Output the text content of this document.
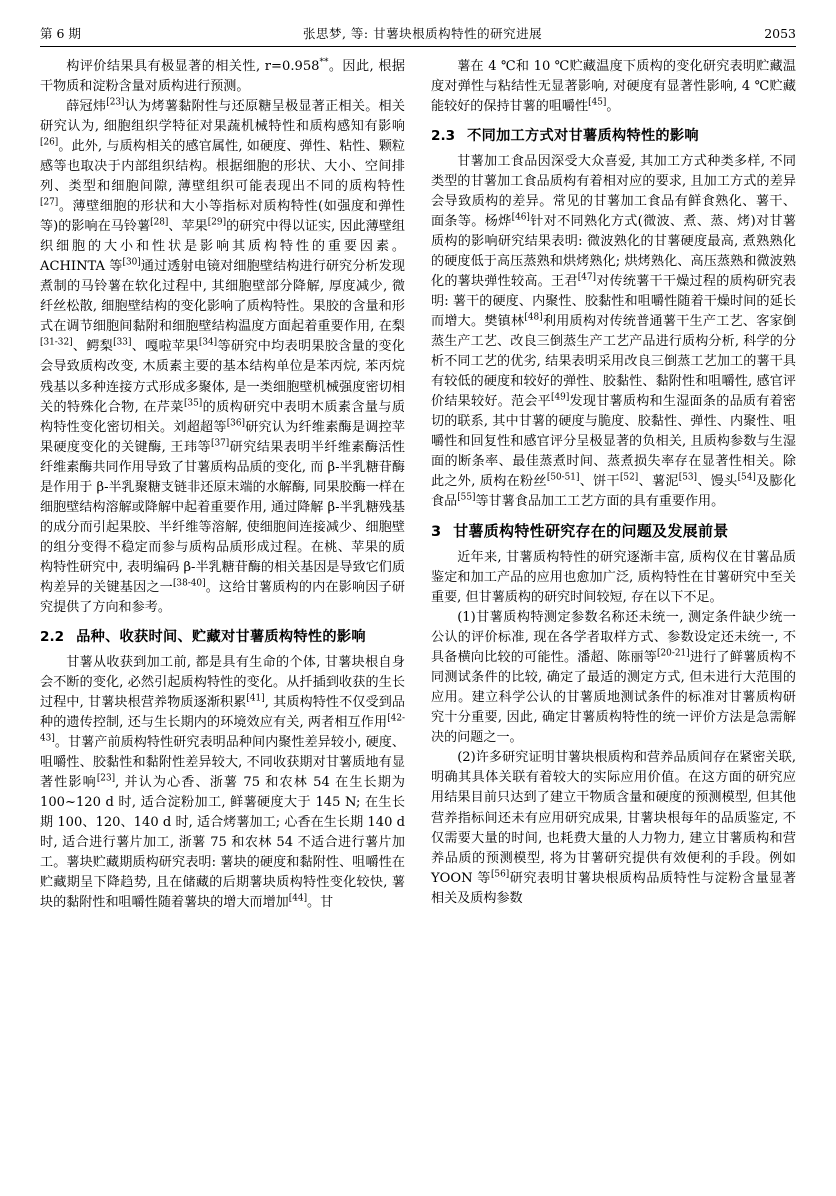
第 6 期	张思梦, 等: 甘薯块根质构特性的研究进展	2053

构评价结果具有极显著的相关性, r=0.958**。因此, 根据干物质和淀粉含量对质构进行预测。

薛冠炜[23]认为烤薯黏附性与还原糖呈极显著正相关。相关研究认为, 细胞组织学特征对果蔬机械特性和质构感知有影响[26]。此外, 与质构相关的感官属性, 如硬度、弹性、粘性、颗粒感等也取决于内部组织结构。根据细胞的形状、大小、空间排列、类型和细胞间隙, 薄壁组织可能表现出不同的质构特性[27]。薄壁细胞的形状和大小等指标对质构特性(如强度和弹性等)的影响在马铃薯[28]、苹果[29]的研究中得以证实, 因此薄壁组织细胞的大小和性状是影响其质构特性的重要因素。ACHINTA 等[30]通过透射电镜对细胞壁结构进行研究分析发现煮制的马铃薯在软化过程中, 其细胞壁部分降解, 厚度减少, 微纤丝松散, 细胞壁结构的变化影响了质构特性。果胶的含量和形式在调节细胞间黏附和细胞壁结构温度方面起着重要作用, 在梨[31-32]、鳄梨[33]、嘎啦苹果[34]等研究中均表明果胶含量的变化会导致质构改变, 木质素主要的基本结构单位是苯丙烷, 苯丙烷残基以多种连接方式形成多聚体, 是一类细胞壁机械强度密切相关的特殊化合物, 在芹菜[35]的质构研究中表明木质素含量与质构特性变化密切相关。刘超超等[36]研究认为纤维素酶是调控苹果硬度变化的关键酶, 王玮等[37]研究结果表明半纤维素酶活性纤维素酶共同作用导致了甘薯质构品质的变化, 而 β-半乳糖苷酶是作用于 β-半乳聚糖支链非还原末端的水解酶, 同果胶酶一样在细胞壁结构溶解或降解中起着重要作用, 通过降解 β-半乳糖残基的成分而引起果胶、半纤维等溶解, 使细胞间连接减少、细胞壁的组分变得不稳定而参与质构品质形成过程。在桃、苹果的质构特性研究中, 表明编码 β-半乳糖苷酶的相关基因是导致它们质构差异的关键基因之一[38-40]。这给甘薯质构的内在影响因子研究提供了方向和参考。

2.2 品种、收获时间、贮藏对甘薯质构特性的影响

甘薯从收获到加工前, 都是具有生命的个体, 甘薯块根自身会不断的变化, 必然引起质构特性的变化。从扦插到收获的生长过程中, 甘薯块根营养物质逐渐积累[41], 其质构特性不仅受到品种的遗传控制, 还与生长期内的环境效应有关, 两者相互作用[42-43]。甘薯产前质构特性研究表明品种间内聚性差异较小, 硬度、咀嚼性、胶黏性和黏附性差异较大, 不同收获期对甘薯质地有显著性影响[23], 并认为心香、浙薯 75 和农林 54 在生长期为 100~120 d 时, 适合淀粉加工, 鲜薯硬度大于 145 N; 在生长期 100、120、140 d 时, 适合烤薯加工; 心香在生长期 140 d 时, 适合进行薯片加工, 浙薯 75 和农林 54 不适合进行薯片加工。薯块贮藏期质构研究表明: 薯块的硬度和黏附性、咀嚼性在贮藏期呈下降趋势, 且在储藏的后期薯块质构特性变化较快, 薯块的黏附性和咀嚼性随着薯块的增大而增加[44]。甘

薯在 4 ℃和 10 ℃贮藏温度下质构的变化研究表明贮藏温度对弹性与粘结性无显著影响, 对硬度有显著性影响, 4 ℃贮藏能较好的保持甘薯的咀嚼性[45]。

2.3 不同加工方式对甘薯质构特性的影响

甘薯加工食品因深受大众喜爱, 其加工方式种类多样, 不同类型的甘薯加工食品质构有着相对应的要求, 且加工方式的差异会导致质构的差异。常见的甘薯加工食品有鲜食熟化、薯干、面条等。杨烨[46]针对不同熟化方式(微波、煮、蒸、烤)对甘薯质构的影响研究结果表明: 微波熟化的甘薯硬度最高, 煮熟熟化的硬度低于高压蒸熟和烘烤熟化; 烘烤熟化、高压蒸熟和微波熟化的薯块弹性较高。王君[47]对传统薯干干燥过程的质构研究表明: 薯干的硬度、内聚性、胶黏性和咀嚼性随着干燥时间的延长而增大。樊镇林[48]利用质构对传统普通薯干生产工艺、客家倒蒸生产工艺、改良三倒蒸生产工艺产品进行质构分析, 科学的分析不同工艺的优劣, 结果表明采用改良三倒蒸工艺加工的薯干具有较低的硬度和较好的弹性、胶黏性、黏附性和咀嚼性, 感官评价结果较好。范会平[49]发现甘薯质构和生湿面条的品质有着密切的联系, 其中甘薯的硬度与脆度、胶黏性、弹性、内聚性、咀嚼性和回复性和感官评分呈极显著的负相关, 且质构参数与生湿面的断条率、最佳蒸煮时间、蒸煮损失率存在显著性相关。除此之外, 质构在粉丝[50-51]、饼干[52]、薯泥[53]、馒头[54]及膨化食品[55]等甘薯食品加工工艺方面的具有重要作用。

3 甘薯质构特性研究存在的问题及发展前景

近年来, 甘薯质构特性的研究逐渐丰富, 质构仪在甘薯品质鉴定和加工产品的应用也愈加广泛, 质构特性在甘薯研究中至关重要, 但甘薯质构的研究时间较短, 存在以下不足。

(1)甘薯质构特测定参数名称还未统一, 测定条件缺少统一公认的评价标准, 现在各学者取样方式、参数设定还未统一, 不具备横向比较的可能性。潘超、陈丽等[20-21]进行了鲜薯质构不同测试条件的比较, 确定了最适的测定方式, 但未进行大范围的应用。建立科学公认的甘薯质地测试条件的标准对甘薯质构研究十分重要, 因此, 确定甘薯质构特性的统一评价方法是急需解决的问题之一。

(2)许多研究证明甘薯块根质构和营养品质间存在紧密关联, 明确其具体关联有着较大的实际应用价值。在这方面的研究应用结果目前只达到了建立干物质含量和硬度的预测模型, 但其他营养指标间还未有应用研究成果, 甘薯块根每年的品质鉴定, 不仅需要大量的时间, 也耗费大量的人力物力, 建立甘薯质构和营养品质的预测模型, 将为甘薯研究提供有效便利的手段。例如 YOON 等[56]研究表明甘薯块根质构品质特性与淀粉含量显著相关及质构参数
